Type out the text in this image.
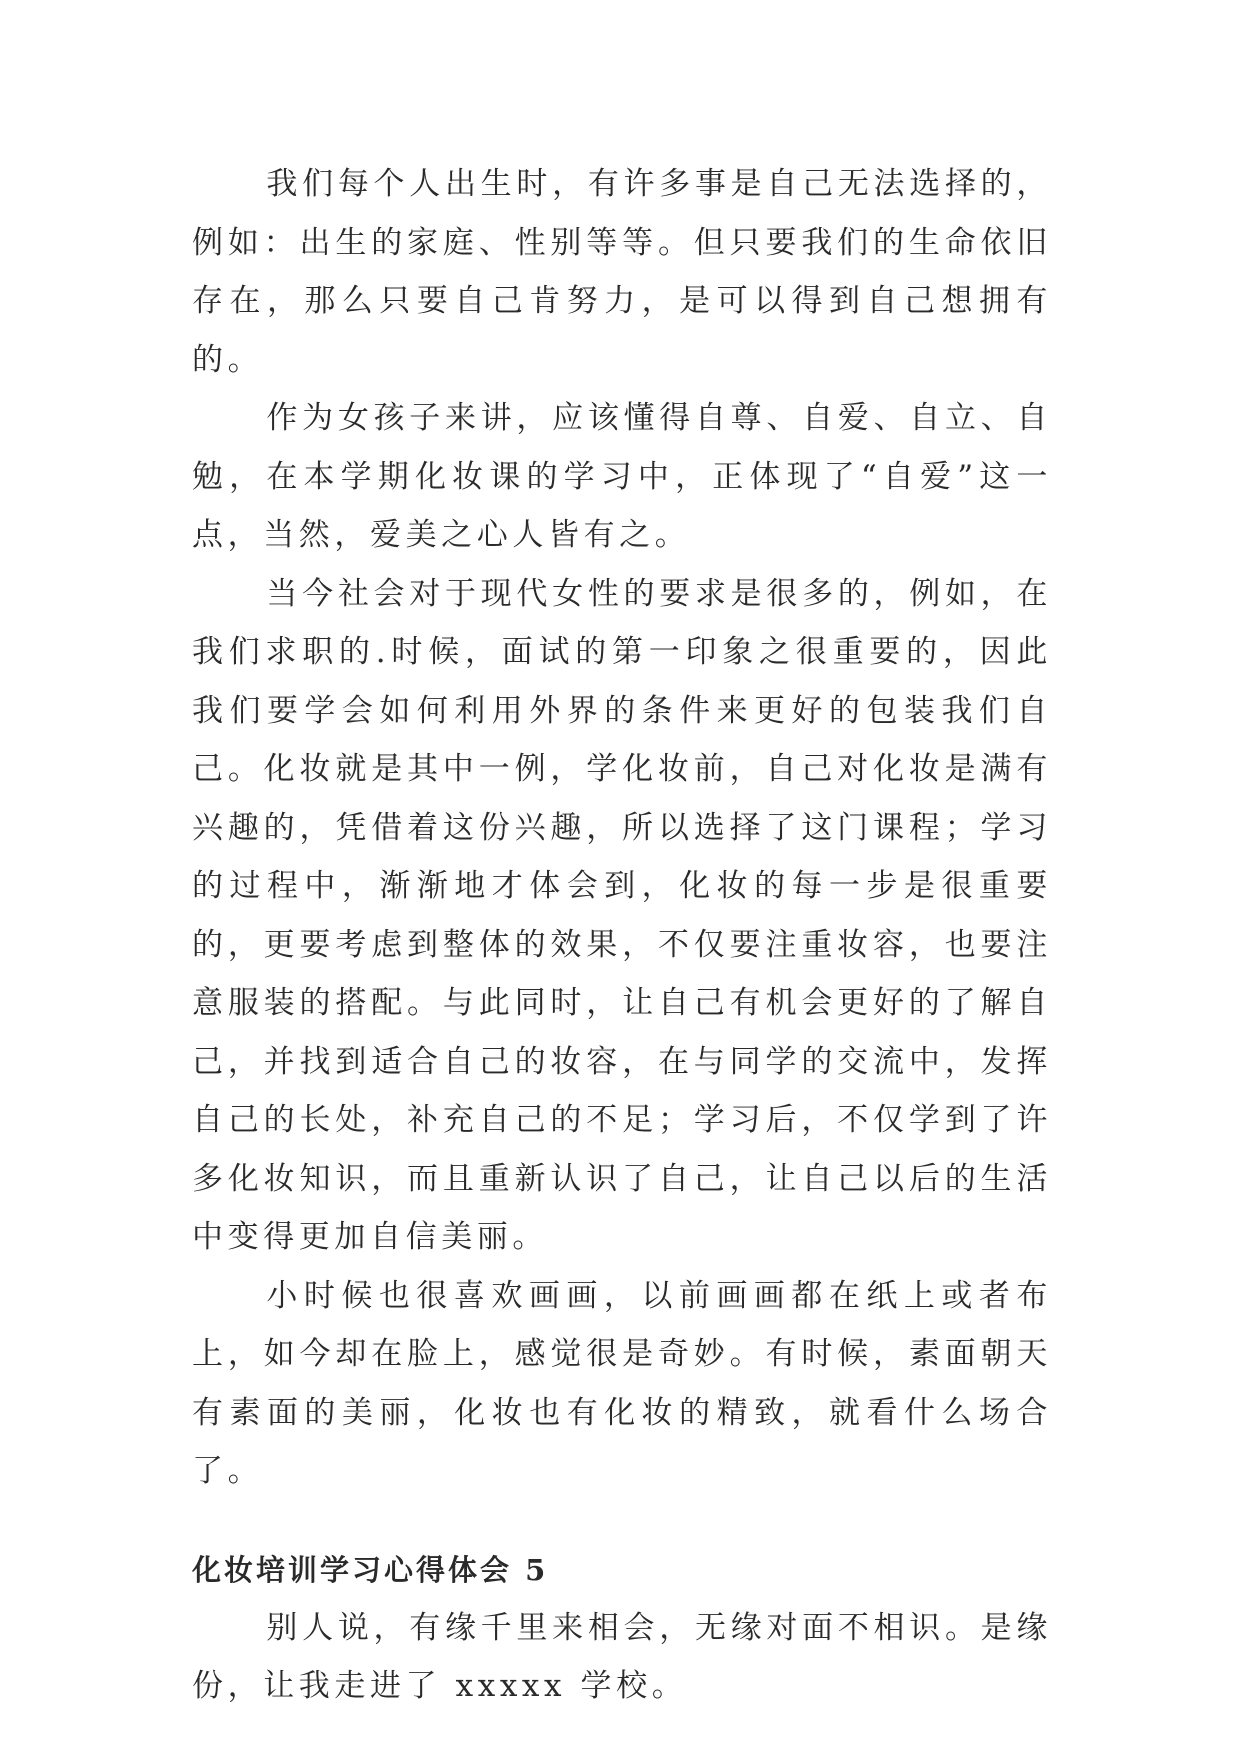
我们每个人出生时，有许多事是自己无法选择的，例如：出生的家庭、性别等等。但只要我们的生命依旧存在，那么只要自己肯努力，是可以得到自己想拥有的。

作为女孩子来讲，应该懂得自尊、自爱、自立、自勉，在本学期化妆课的学习中，正体现了“自爱”这一点，当然，爱美之心人皆有之。

当今社会对于现代女性的要求是很多的，例如，在我们求职的.时候，面试的第一印象之很重要的，因此我们要学会如何利用外界的条件来更好的包装我们自己。化妆就是其中一例，学化妆前，自己对化妆是满有兴趣的，凭借着这份兴趣，所以选择了这门课程；学习的过程中，渐渐地才体会到，化妆的每一步是很重要的，更要考虑到整体的效果，不仅要注重妆容，也要注意服装的搭配。与此同时，让自己有机会更好的了解自己，并找到适合自己的妆容，在与同学的交流中，发挥自己的长处，补充自己的不足；学习后，不仅学到了许多化妆知识，而且重新认识了自己，让自己以后的生活中变得更加自信美丽。

小时候也很喜欢画画，以前画画都在纸上或者布上，如今却在脸上，感觉很是奇妙。有时候，素面朝天有素面的美丽，化妆也有化妆的精致，就看什么场合了。

化妆培训学习心得体会 5

别人说，有缘千里来相会，无缘对面不相识。是缘份，让我走进了 xxxxx 学校。
